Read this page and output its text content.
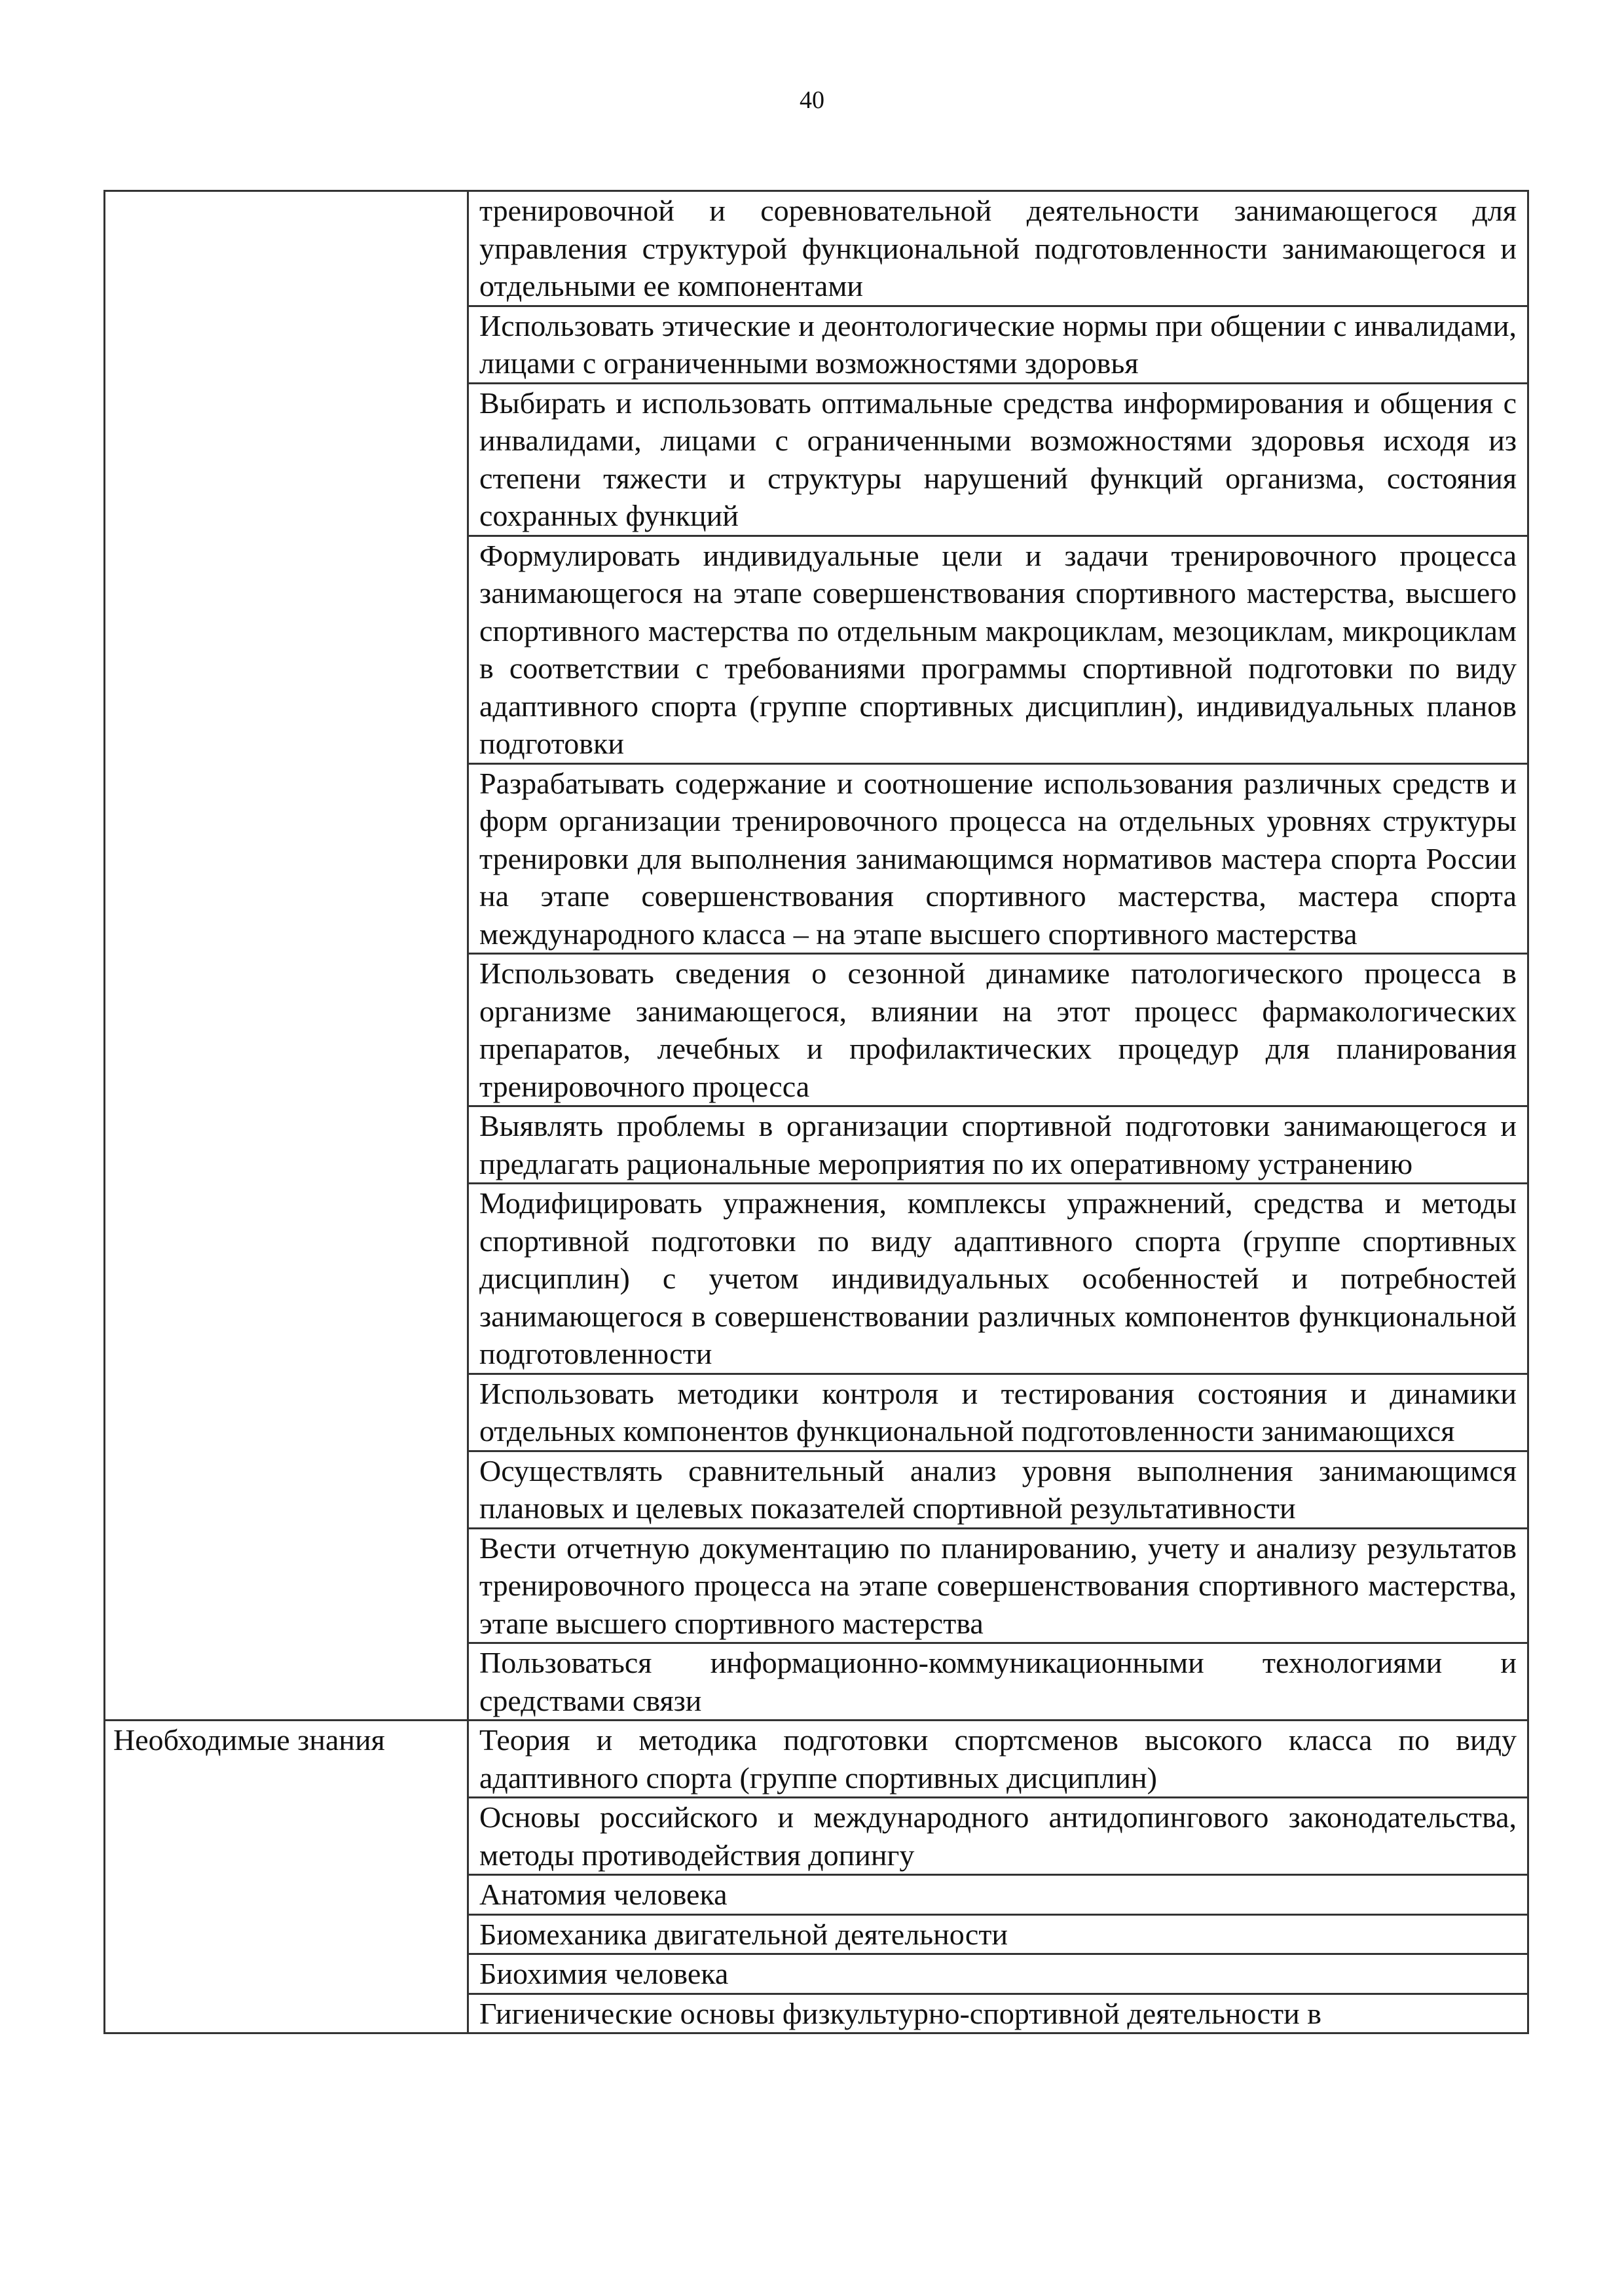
40

	тренировочной и соревновательной деятельности занимающегося для управления структурой функциональной подготовленности занимающегося и отдельными ее компонентами

	Использовать этические и деонтологические нормы при общении с инвалидами, лицами с ограниченными возможностями здоровья

	Выбирать и использовать оптимальные средства информирования и общения с инвалидами, лицами с ограниченными возможностями здоровья исходя из степени тяжести и структуры нарушений функций организма, состояния сохранных функций

	Формулировать индивидуальные цели и задачи тренировочного процесса занимающегося на этапе совершенствования спортивного мастерства, высшего спортивного мастерства по отдельным макроциклам, мезоциклам, микроциклам в соответствии с требованиями программы спортивной подготовки по виду адаптивного спорта (группе спортивных дисциплин), индивидуальных планов подготовки

	Разрабатывать содержание и соотношение использования различных средств и форм организации тренировочного процесса на отдельных уровнях структуры тренировки для выполнения занимающимся нормативов мастера спорта России на этапе совершенствования спортивного мастерства, мастера спорта международного класса – на этапе высшего спортивного мастерства

	Использовать сведения о сезонной динамике патологического процесса в организме занимающегося, влиянии на этот процесс фармакологических препаратов, лечебных и профилактических процедур для планирования тренировочного процесса

	Выявлять проблемы в организации спортивной подготовки занимающегося и предлагать рациональные мероприятия по их оперативному устранению

	Модифицировать упражнения, комплексы упражнений, средства и методы спортивной подготовки по виду адаптивного спорта (группе спортивных дисциплин) с учетом индивидуальных особенностей и потребностей занимающегося в совершенствовании различных компонентов функциональной подготовленности

	Использовать методики контроля и тестирования состояния и динамики отдельных компонентов функциональной подготовленности занимающихся

	Осуществлять сравнительный анализ уровня выполнения занимающимся плановых и целевых показателей спортивной результативности

	Вести отчетную документацию по планированию, учету и анализу результатов тренировочного процесса на этапе совершенствования спортивного мастерства, этапе высшего спортивного мастерства

	Пользоваться информационно-коммуникационными технологиями и средствами связи

Необходимые знания	Теория и методика подготовки спортсменов высокого класса по виду адаптивного спорта (группе спортивных дисциплин)

	Основы российского и международного антидопингового законодательства, методы противодействия допингу

	Анатомия человека

	Биомеханика двигательной деятельности

	Биохимия человека

	Гигиенические основы физкультурно-спортивной деятельности в
